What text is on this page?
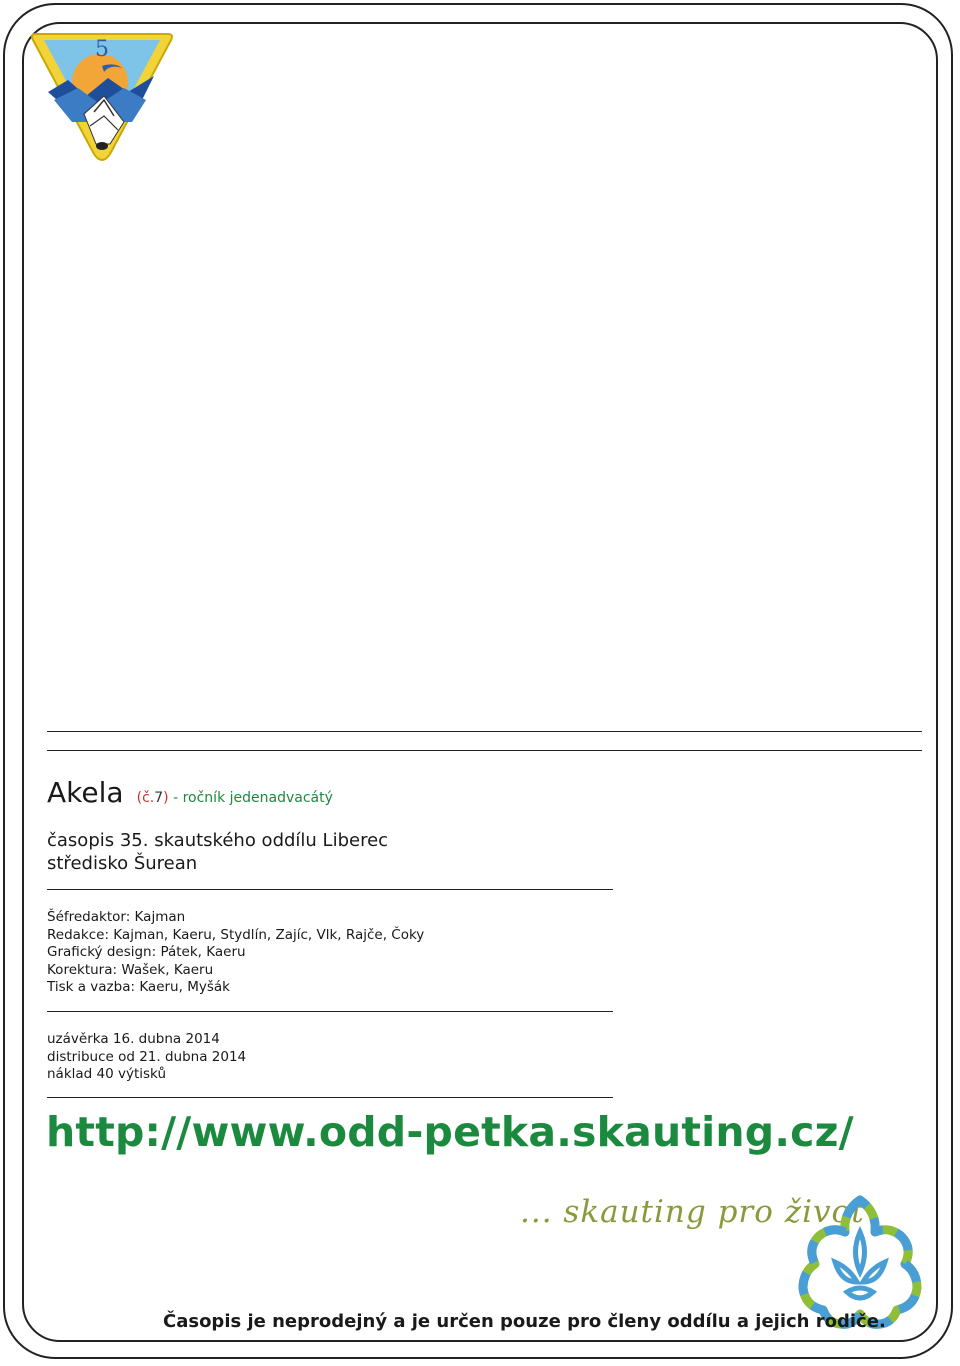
5
Akela (č.7) - ročník jedenadvacátý
časopis 35. skautského oddílu Liberec
středisko Šurean
Šéfredaktor: Kajman
Redakce: Kajman, Kaeru, Stydlín, Zajíc, Vlk, Rajče, Čoky
Grafický design: Pátek, Kaeru
Korektura: Wašek, Kaeru
Tisk a vazba: Kaeru, Myšák
uzávěrka 16. dubna 2014
distribuce od 21. dubna 2014
náklad 40 výtisků
http://www.odd-petka.skauting.cz/
... skauting pro život
Časopis je neprodejný a je určen pouze pro členy oddílu a jejich rodiče.
